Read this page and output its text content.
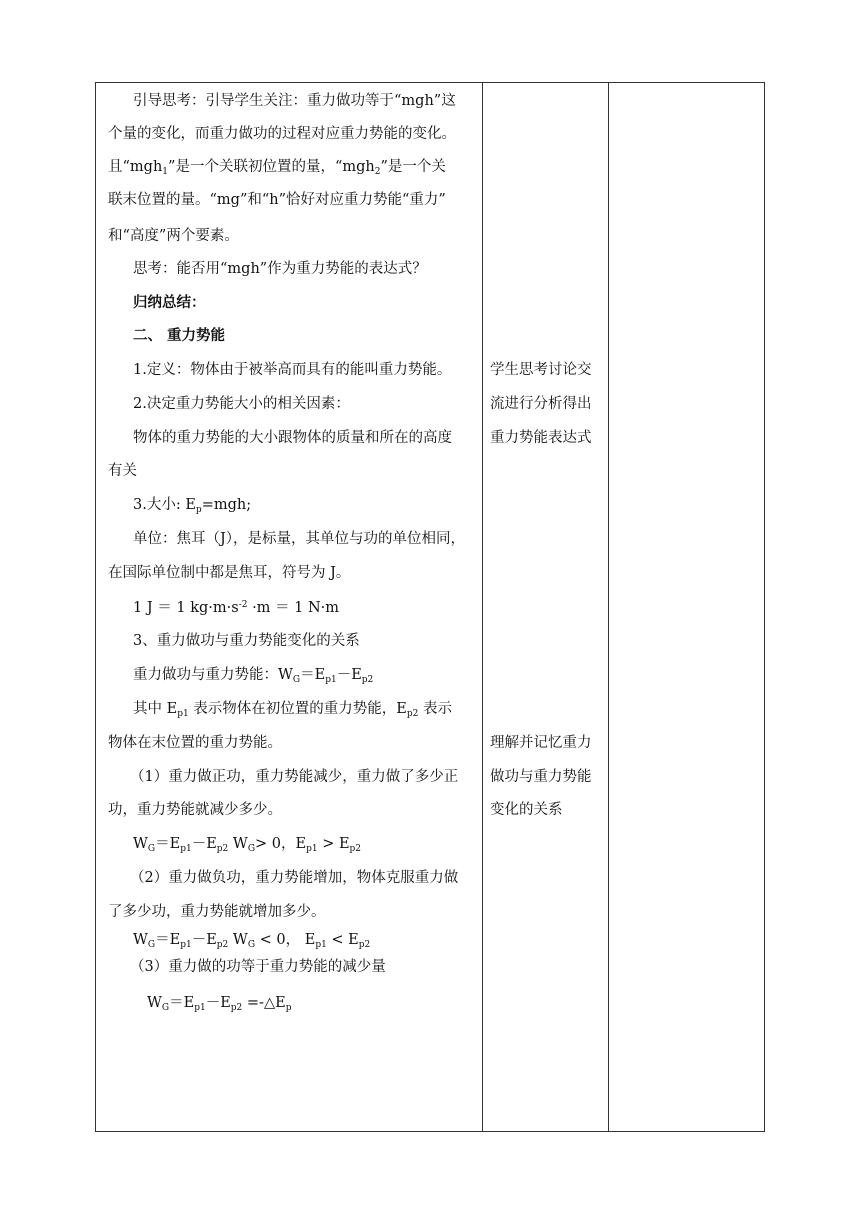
引导思考：引导学生关注：重力做功等于“mgh”这
个量的变化，而重力做功的过程对应重力势能的变化。
且“mgh$_1$”是一个关联初位置的量，“mgh$_2$”是一个关
联末位置的量。“mg”和“h”恰好对应重力势能“重力”
和“高度”两个要素。
思考：能否用“mgh”作为重力势能的表达式？
归纳总结：
二、 重力势能
1.定义：物体由于被举高而具有的能叫重力势能。
2.决定重力势能大小的相关因素：
物体的重力势能的大小跟物体的质量和所在的高度
有关
3.大小: $E_p=mgh$;
单位：焦耳（J），是标量，其单位与功的单位相同，
在国际单位制中都是焦耳，符号为 J。
1 J ＝ 1 $kg\cdot m\cdot s^{-2} \cdot m = 1$ N·m
3、重力做功与重力势能变化的关系
重力做功与重力势能：$W_G=E_{p1}-E_{p2}$
其中 $E_{p1}$ 表示物体在初位置的重力势能，$E_{p2}$ 表示
物体在末位置的重力势能。
（1）重力做正功，重力势能减少，重力做了多少正
功，重力势能就减少多少。
$W_G=E_{p1}-E_{p2}$ $W_G> 0$，$E_{p1} > E_{p2}$
（2）重力做负功，重力势能增加，物体克服重力做
了多少功，重力势能就增加多少。
$W_G=E_{p1}-E_{p2}$ $W_G < 0$， $E_{p1} < E_{p2}$
（3）重力做的功等于重力势能的减少量
$W_G=E_{p1}-E_{p2}$ $=-\triangle E_p$
学生思考讨论交
流进行分析得出
重力势能表达式
理解并记忆重力
做功与重力势能
变化的关系
